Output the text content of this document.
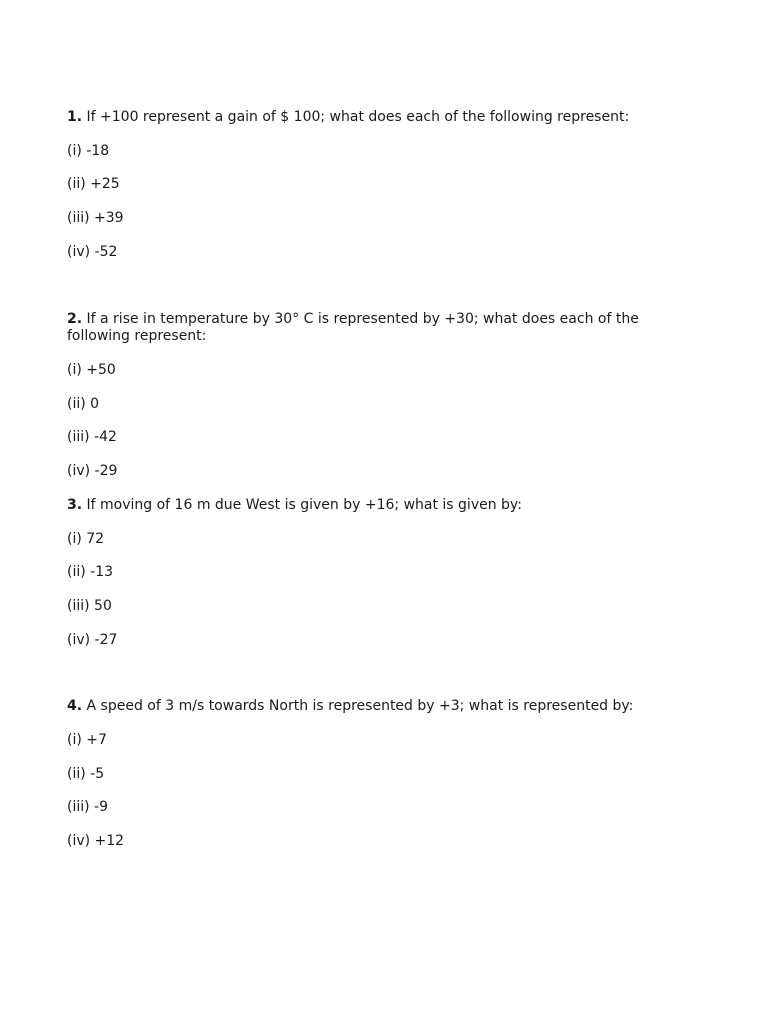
1. If +100 represent a gain of $ 100; what does each of the following represent:

(i) -18

(ii) +25

(iii) +39

(iv) -52

2. If a rise in temperature by 30° C is represented by +30; what does each of the following represent:

(i) +50

(ii) 0

(iii) -42

(iv) -29

3. If moving of 16 m due West is given by +16; what is given by:

(i) 72

(ii) -13

(iii) 50

(iv) -27

4. A speed of 3 m/s towards North is represented by +3; what is represented by:

(i) +7

(ii) -5

(iii) -9

(iv) +12
